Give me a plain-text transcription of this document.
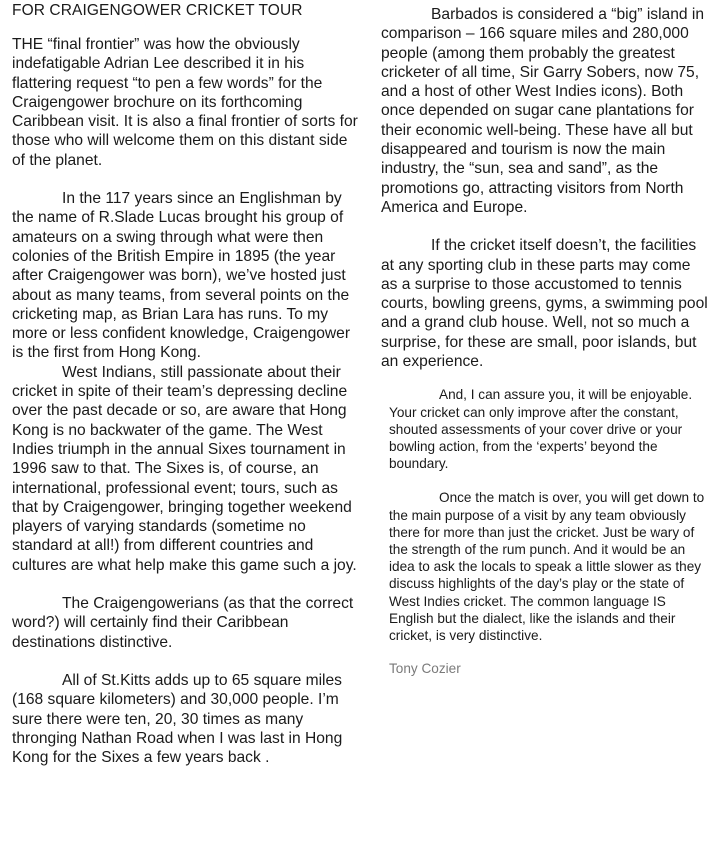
FOR CRAIGENGOWER CRICKET TOUR

THE “final frontier” was how the obviously indefatigable Adrian Lee described it in his flattering request “to pen a few words” for the Craigengower brochure on its forthcoming Caribbean visit. It is also a final frontier of sorts for those who will welcome them on this distant side of the planet.

In the 117 years since an Englishman by the name of R.Slade Lucas brought his group of amateurs on a swing through what were then colonies of the British Empire in 1895 (the year after Craigengower was born), we’ve hosted just about as many teams, from several points on the cricketing map, as Brian Lara has runs. To my more or less confident knowledge, Craigengower is the first from Hong Kong.

West Indians, still passionate about their cricket in spite of their team’s depressing decline over the past decade or so, are aware that Hong Kong is no backwater of the game. The West Indies triumph in the annual Sixes tournament in 1996 saw to that. The Sixes is, of course, an international, professional event; tours, such as that by Craigengower, bringing together weekend players of varying standards (sometime no standard at all!) from different countries and cultures are what help make this game such a joy.

The Craigengowerians (as that the correct word?) will certainly find their Caribbean destinations distinctive.

All of St.Kitts adds up to 65 square miles (168 square kilometers) and 30,000 people. I’m sure there were ten, 20, 30 times as many thronging Nathan Road when I was last in Hong Kong for the Sixes a few years back .

Barbados is considered a “big” island in comparison – 166 square miles and 280,000 people (among them probably the greatest cricketer of all time, Sir Garry Sobers, now 75, and a host of other West Indies icons). Both once depended on sugar cane plantations for their economic well-being. These have all but disappeared and tourism is now the main industry, the “sun, sea and sand”, as the promotions go, attracting visitors from North America and Europe.

If the cricket itself doesn’t, the facilities at any sporting club in these parts may come as a surprise to those accustomed to tennis courts, bowling greens, gyms, a swimming pool and a grand club house. Well, not so much a surprise, for these are small, poor islands, but an experience.

And, I can assure you, it will be enjoyable. Your cricket can only improve after the constant, shouted assessments of your cover drive or your bowling action, from the ‘experts’ beyond the boundary.

Once the match is over, you will get down to the main purpose of a visit by any team obviously there for more than just the cricket. Just be wary of the strength of the rum punch. And it would be an idea to ask the locals to speak a little slower as they discuss highlights of the day’s play or the state of West Indies cricket. The common language IS English but the dialect, like the islands and their cricket, is very distinctive.

Tony Cozier
